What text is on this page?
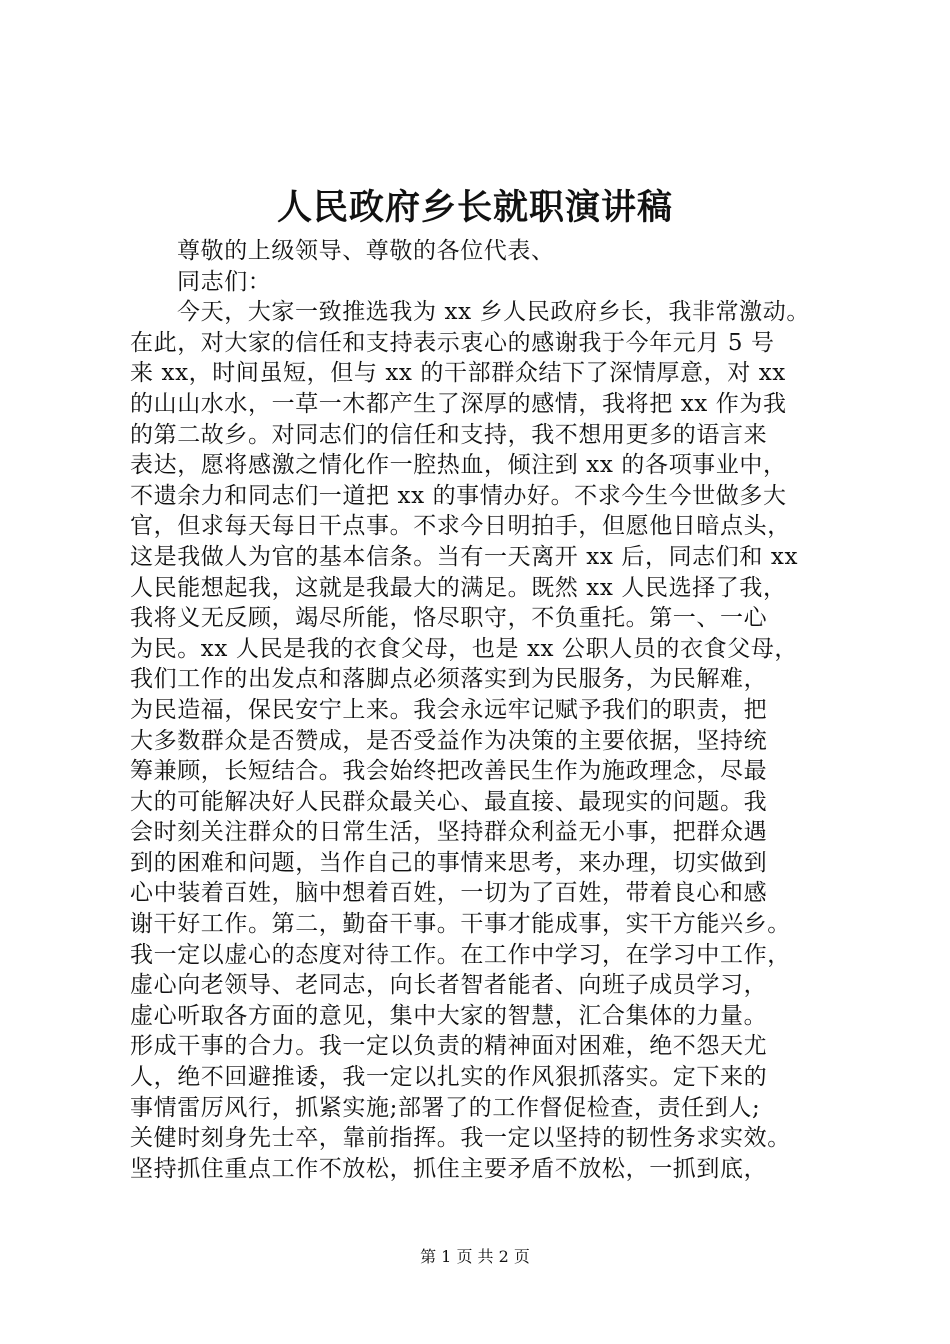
人民政府乡长就职演讲稿
尊敬的上级领导、尊敬的各位代表、
同志们：
今天，大家一致推选我为 xx 乡人民政府乡长，我非常激动。
在此，对大家的信任和支持表示衷心的感谢我于今年元月 5 号
来 xx，时间虽短，但与 xx 的干部群众结下了深情厚意，对 xx
的山山水水，一草一木都产生了深厚的感情，我将把 xx 作为我
的第二故乡。对同志们的信任和支持，我不想用更多的语言来
表达，愿将感激之情化作一腔热血，倾注到 xx 的各项事业中，
不遗余力和同志们一道把 xx 的事情办好。不求今生今世做多大
官，但求每天每日干点事。不求今日明拍手，但愿他日暗点头，
这是我做人为官的基本信条。当有一天离开 xx 后，同志们和 xx
人民能想起我，这就是我最大的满足。既然 xx 人民选择了我，
我将义无反顾，竭尽所能，恪尽职守，不负重托。第一、一心
为民。xx 人民是我的衣食父母，也是 xx 公职人员的衣食父母，
我们工作的出发点和落脚点必须落实到为民服务，为民解难，
为民造福，保民安宁上来。我会永远牢记赋予我们的职责，把
大多数群众是否赞成，是否受益作为决策的主要依据，坚持统
筹兼顾，长短结合。我会始终把改善民生作为施政理念，尽最
大的可能解决好人民群众最关心、最直接、最现实的问题。我
会时刻关注群众的日常生活，坚持群众利益无小事，把群众遇
到的困难和问题，当作自己的事情来思考，来办理，切实做到
心中装着百姓，脑中想着百姓，一切为了百姓，带着良心和感
谢干好工作。第二，勤奋干事。干事才能成事，实干方能兴乡。
我一定以虚心的态度对待工作。在工作中学习，在学习中工作，
虚心向老领导、老同志，向长者智者能者、向班子成员学习，
虚心听取各方面的意见，集中大家的智慧，汇合集体的力量。
形成干事的合力。我一定以负责的精神面对困难，绝不怨天尤
人，绝不回避推诿，我一定以扎实的作风狠抓落实。定下来的
事情雷厉风行，抓紧实施;部署了的工作督促检查，责任到人;
关健时刻身先士卒，靠前指挥。我一定以坚持的韧性务求实效。
坚持抓住重点工作不放松，抓住主要矛盾不放松，一抓到底，
第 1 页 共 2 页
